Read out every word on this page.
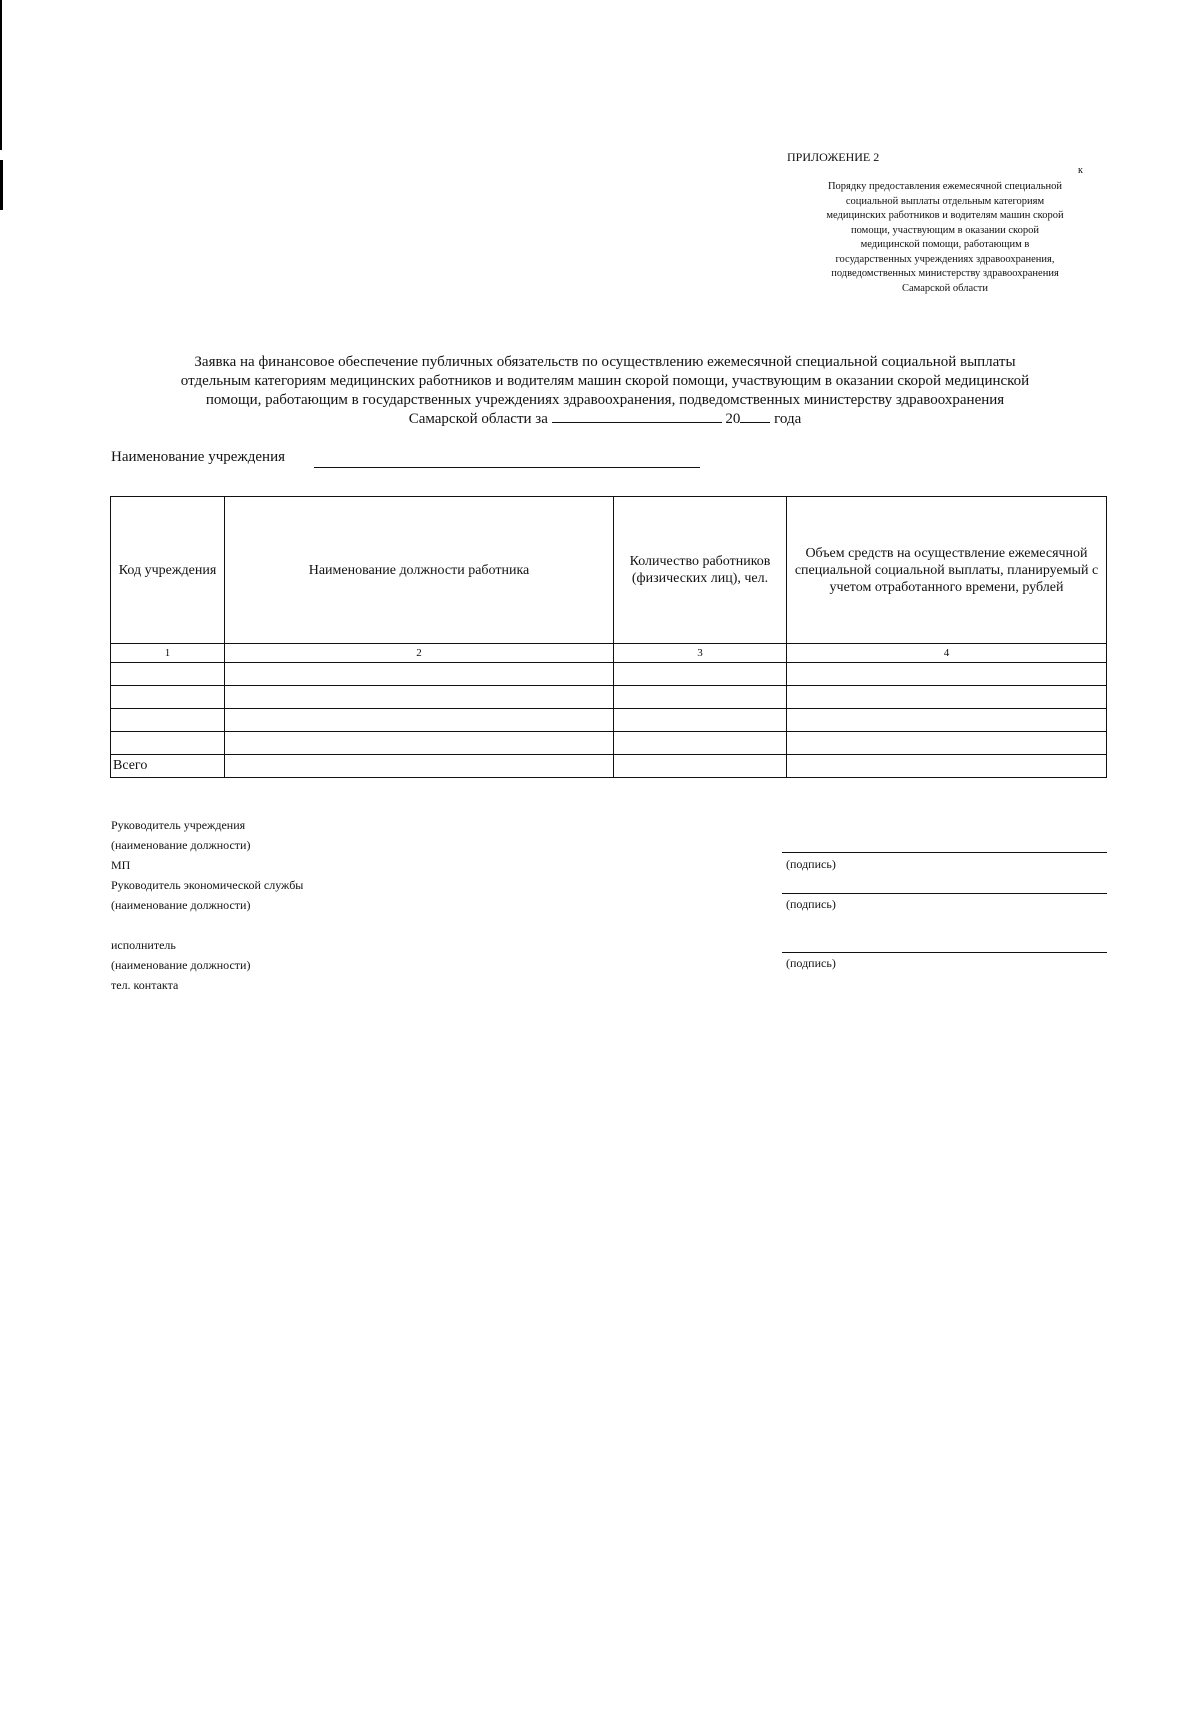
ПРИЛОЖЕНИЕ 2
к
Порядку предоставления ежемесячной специальной
социальной выплаты отдельным категориям
медицинских работников и водителям машин скорой
помощи, участвующим в оказании скорой
медицинской помощи, работающим в
государственных учреждениях здравоохранения,
подведомственных министерству здравоохранения
Самарской области
Заявка на финансовое обеспечение публичных обязательств по осуществлению ежемесячной специальной социальной выплаты
отдельным категориям медицинских работников и водителям машин скорой помощи, участвующим в оказании скорой медицинской
помощи, работающим в государственных учреждениях здравоохранения, подведомственных министерству здравоохранения
Самарской области за	20 года
Наименование учреждения
Код учреждения	Наименование должности работника	Количество работников (физических лиц), чел.	Объем средств на осуществление ежемесячной специальной социальной выплаты, планируемый с учетом отработанного времени, рублей
1	2	3	4

Всего			
Руководитель учреждения
(наименование должности)
МП
Руководитель экономической службы
(наименование должности)
исполнитель
(наименование должности)
тел. контакта
(подпись)
(подпись)
(подпись)
